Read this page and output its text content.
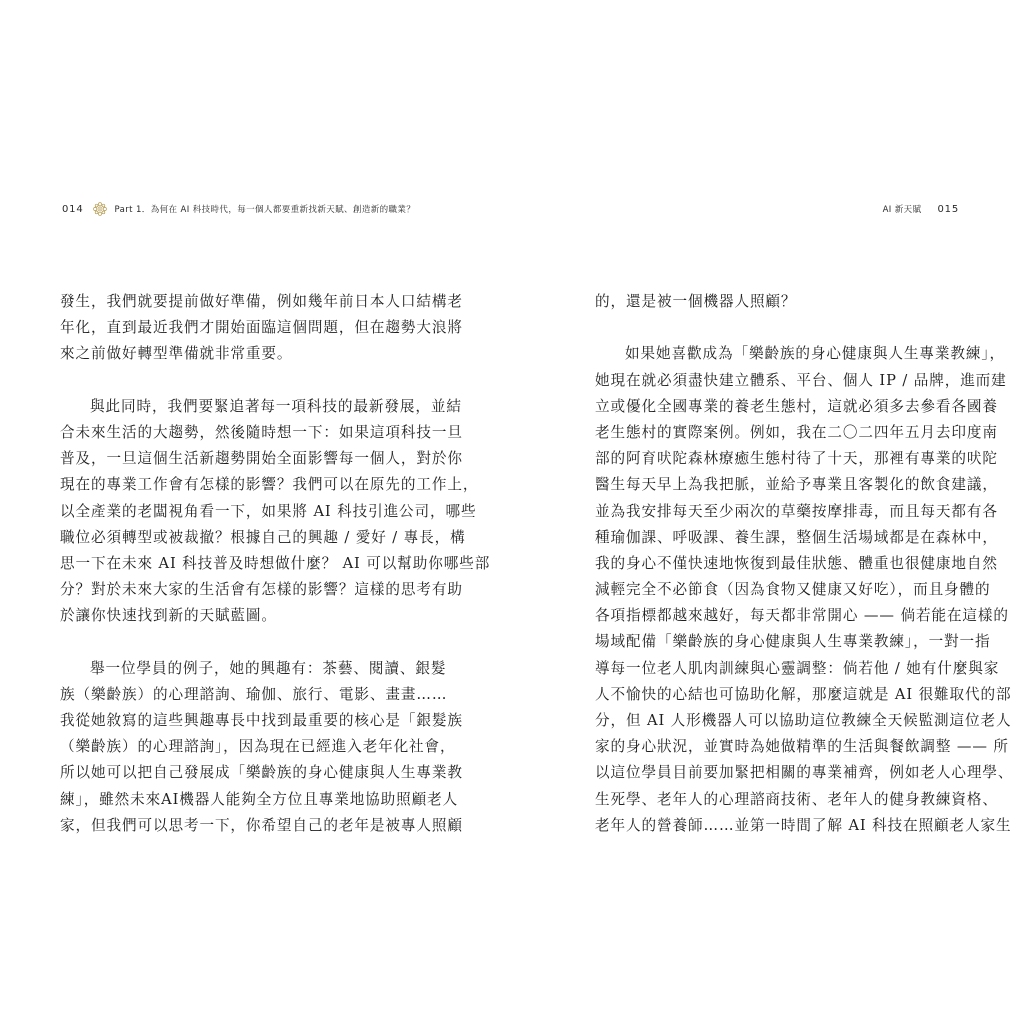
014	Part 1．為何在 AI 科技時代，每一個人都要重新找新天賦、創造新的職業？
發生，我們就要提前做好準備，例如幾年前日本人口結構老
年化，直到最近我們才開始面臨這個問題，但在趨勢大浪將
來之前做好轉型準備就非常重要。
與此同時，我們要緊追著每一項科技的最新發展，並結
合未來生活的大趨勢，然後隨時想一下：如果這項科技一旦
普及，一旦這個生活新趨勢開始全面影響每一個人，對於你
現在的專業工作會有怎樣的影響？我們可以在原先的工作上，
以全產業的老闆視角看一下，如果將 AI 科技引進公司，哪些
職位必須轉型或被裁撤？根據自己的興趣 / 愛好 / 專長，構
思一下在未來 AI 科技普及時想做什麼？ AI 可以幫助你哪些部
分？對於未來大家的生活會有怎樣的影響？這樣的思考有助
於讓你快速找到新的天賦藍圖。
舉一位學員的例子，她的興趣有：茶藝、閱讀、銀髮
族（樂齡族）的心理諮詢、瑜伽、旅行、電影、畫畫……
我從她敘寫的這些興趣專長中找到最重要的核心是「銀髮族
（樂齡族）的心理諮詢」，因為現在已經進入老年化社會，
所以她可以把自己發展成「樂齡族的身心健康與人生專業教
練」，雖然未來AI機器人能夠全方位且專業地協助照顧老人
家，但我們可以思考一下，你希望自己的老年是被專人照顧
AI 新天賦 015
的，還是被一個機器人照顧？
如果她喜歡成為「樂齡族的身心健康與人生專業教練」，
她現在就必須盡快建立體系、平台、個人 IP / 品牌，進而建
立或優化全國專業的養老生態村，這就必須多去參看各國養
老生態村的實際案例。例如，我在二〇二四年五月去印度南
部的阿育吠陀森林療癒生態村待了十天，那裡有專業的吠陀
醫生每天早上為我把脈，並給予專業且客製化的飲食建議，
並為我安排每天至少兩次的草藥按摩排毒，而且每天都有各
種瑜伽課、呼吸課、養生課，整個生活場域都是在森林中，
我的身心不僅快速地恢復到最佳狀態、體重也很健康地自然
減輕完全不必節食（因為食物又健康又好吃），而且身體的
各項指標都越來越好，每天都非常開心 —— 倘若能在這樣的
場域配備「樂齡族的身心健康與人生專業教練」，一對一指
導每一位老人肌肉訓練與心靈調整：倘若他 / 她有什麼與家
人不愉快的心結也可協助化解，那麼這就是 AI 很難取代的部
分，但 AI 人形機器人可以協助這位教練全天候監測這位老人
家的身心狀況，並實時為她做精準的生活與餐飲調整 —— 所
以這位學員目前要加緊把相關的專業補齊，例如老人心理學、
生死學、老年人的心理諮商技術、老年人的健身教練資格、
老年人的營養師……並第一時間了解 AI 科技在照顧老人家生
